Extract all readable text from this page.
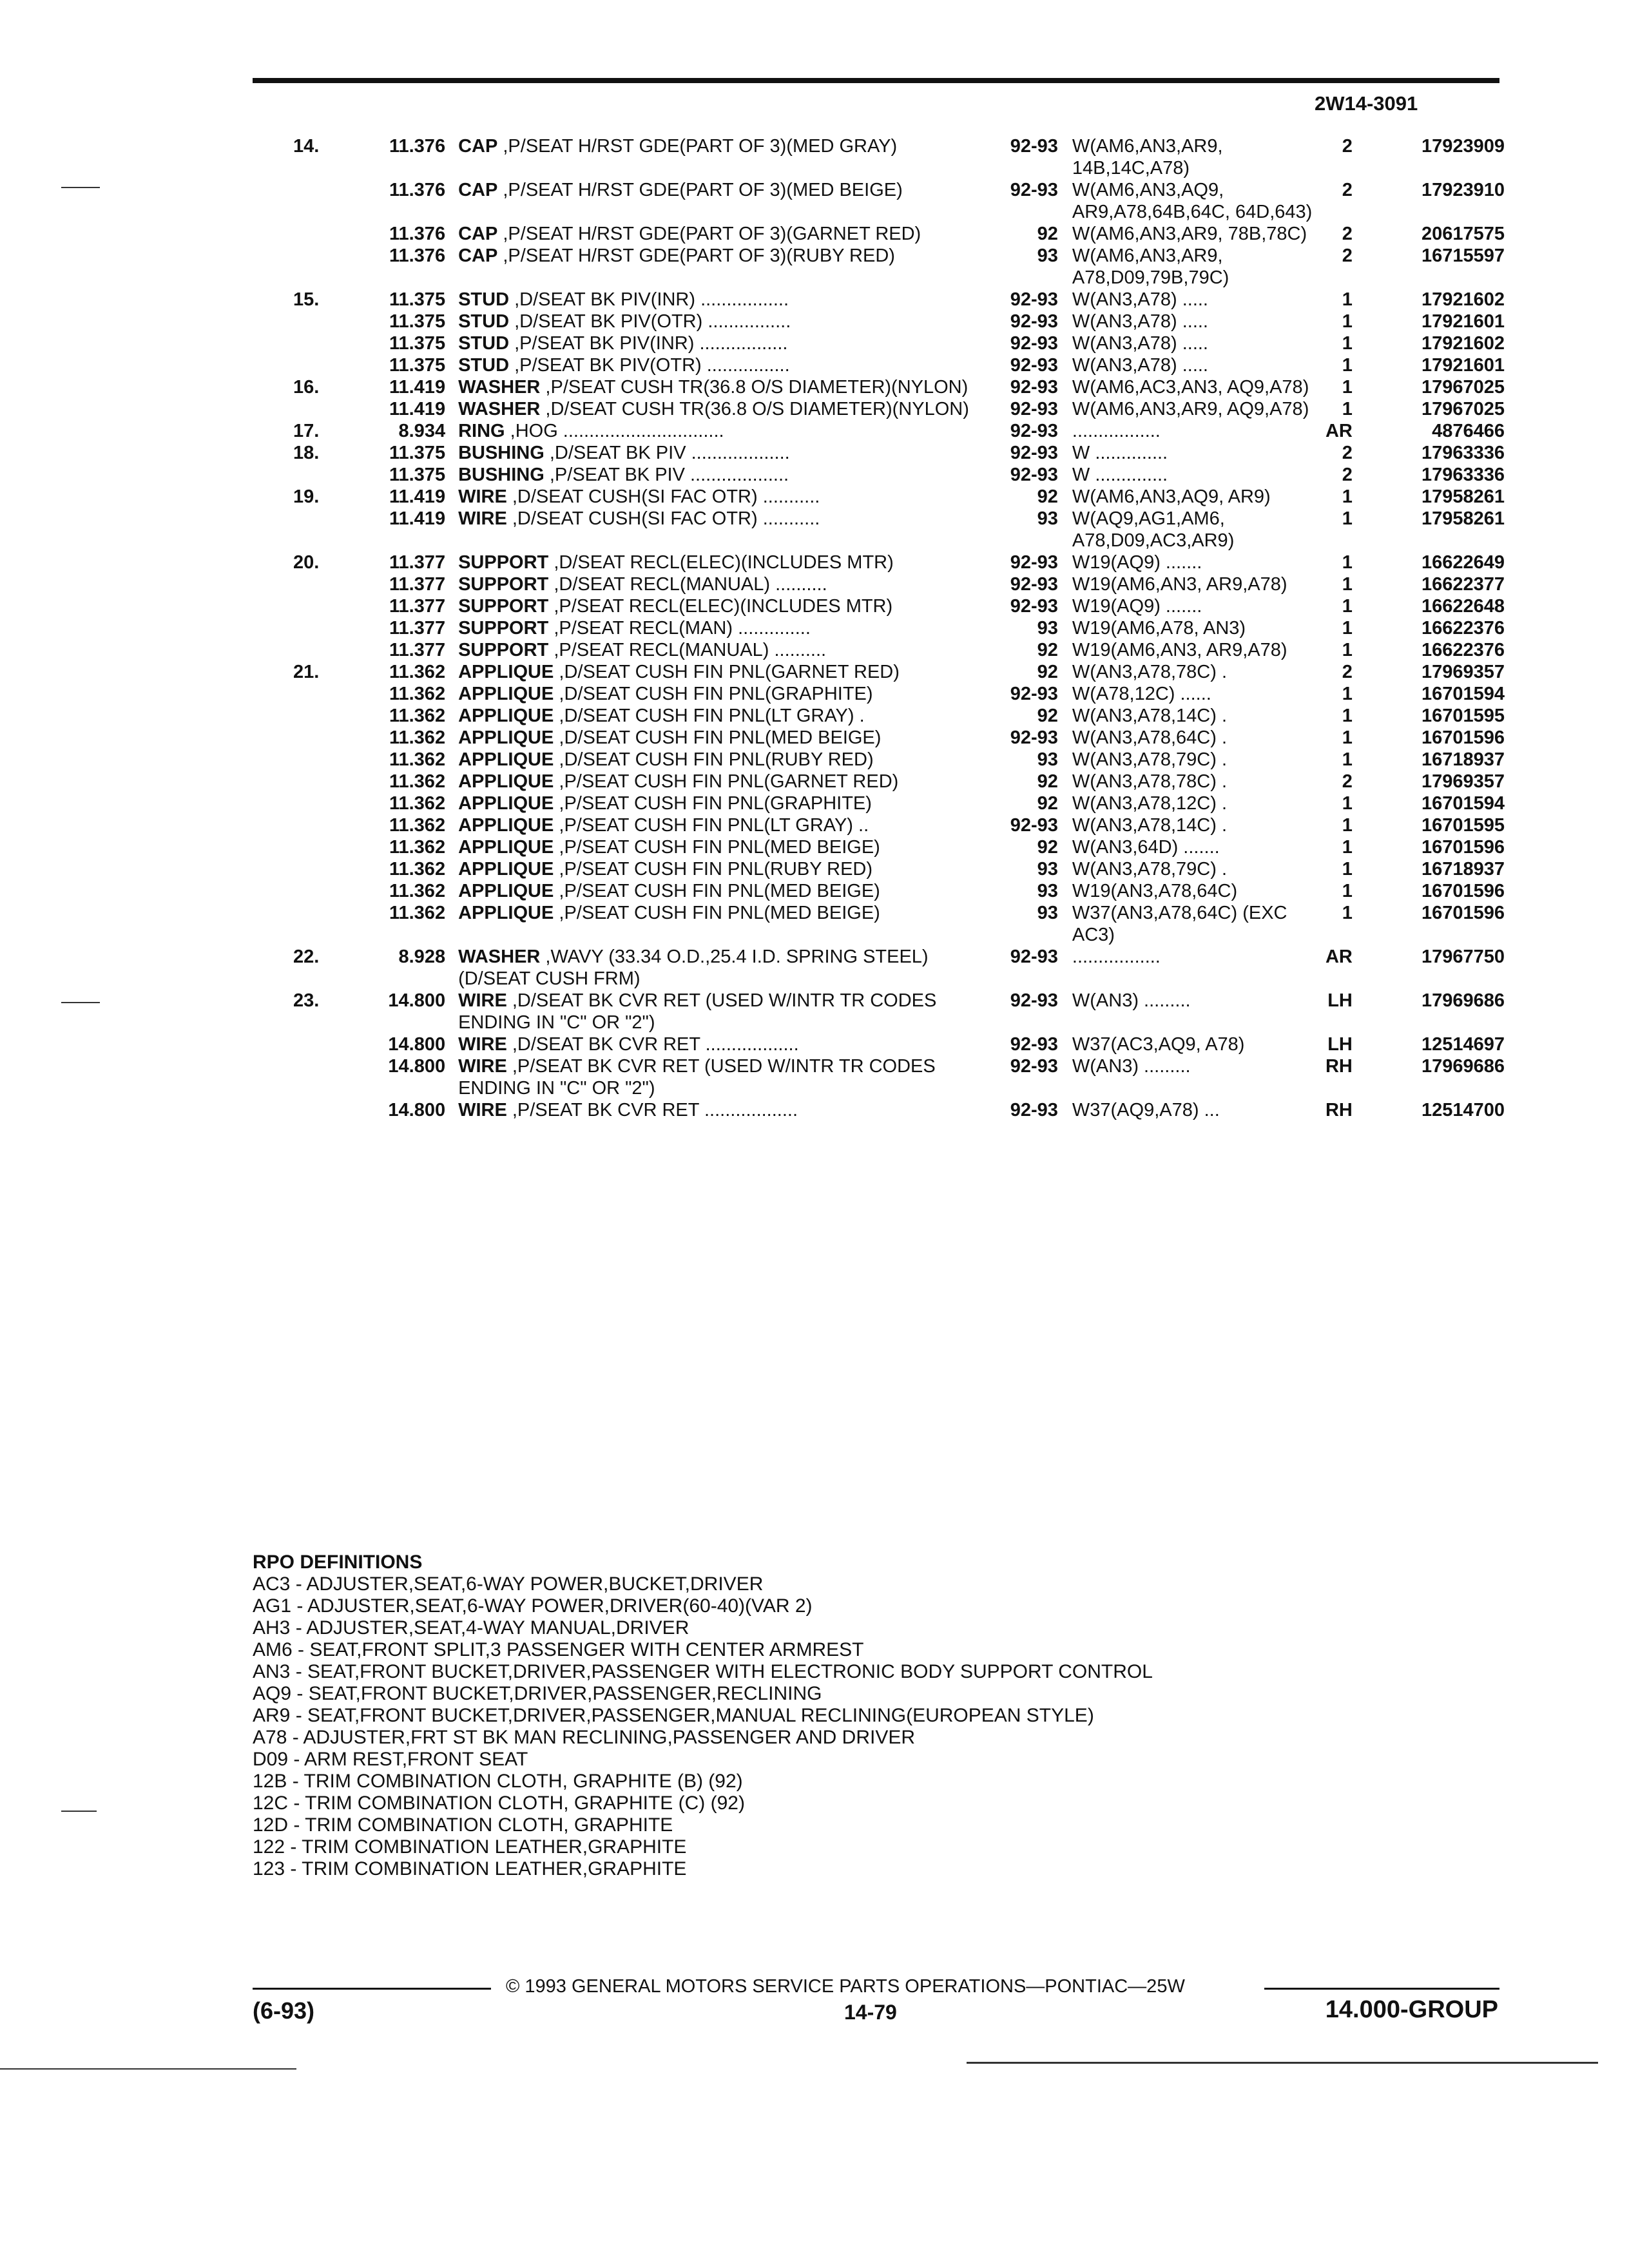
2W14-3091
14.	11.376	CAP ,P/SEAT H/RST GDE(PART OF 3)(MED GRAY)	92-93	W(AM6,AN3,AR9, 14B,14C,A78)	2	17923909
	11.376	CAP ,P/SEAT H/RST GDE(PART OF 3)(MED BEIGE)	92-93	W(AM6,AN3,AQ9, AR9,A78,64B,64C, 64D,643)	2	17923910
	11.376	CAP ,P/SEAT H/RST GDE(PART OF 3)(GARNET RED)	92	W(AM6,AN3,AR9, 78B,78C)	2	20617575
	11.376	CAP ,P/SEAT H/RST GDE(PART OF 3)(RUBY RED)	93	W(AM6,AN3,AR9, A78,D09,79B,79C)	2	16715597
15.	11.375	STUD ,D/SEAT BK PIV(INR) .................	92-93	W(AN3,A78) .....	1	17921602
	11.375	STUD ,D/SEAT BK PIV(OTR) ................	92-93	W(AN3,A78) .....	1	17921601
	11.375	STUD ,P/SEAT BK PIV(INR) .................	92-93	W(AN3,A78) .....	1	17921602
	11.375	STUD ,P/SEAT BK PIV(OTR) ................	92-93	W(AN3,A78) .....	1	17921601
16.	11.419	WASHER ,P/SEAT CUSH TR(36.8 O/S DIAMETER)(NYLON)	92-93	W(AM6,AC3,AN3, AQ9,A78)	1	17967025
	11.419	WASHER ,D/SEAT CUSH TR(36.8 O/S DIAMETER)(NYLON)	92-93	W(AM6,AN3,AR9, AQ9,A78)	1	17967025
17.	8.934	RING ,HOG ...............................	92-93	.................	AR	4876466
18.	11.375	BUSHING ,D/SEAT BK PIV ...................	92-93	W ..............	2	17963336
	11.375	BUSHING ,P/SEAT BK PIV ...................	92-93	W ..............	2	17963336
19.	11.419	WIRE ,D/SEAT CUSH(SI FAC OTR) ...........	92	W(AM6,AN3,AQ9, AR9)	1	17958261
	11.419	WIRE ,D/SEAT CUSH(SI FAC OTR) ...........	93	W(AQ9,AG1,AM6, A78,D09,AC3,AR9)	1	17958261
20.	11.377	SUPPORT ,D/SEAT RECL(ELEC)(INCLUDES MTR)	92-93	W19(AQ9) .......	1	16622649
	11.377	SUPPORT ,D/SEAT RECL(MANUAL) ..........	92-93	W19(AM6,AN3, AR9,A78)	1	16622377
	11.377	SUPPORT ,P/SEAT RECL(ELEC)(INCLUDES MTR)	92-93	W19(AQ9) .......	1	16622648
	11.377	SUPPORT ,P/SEAT RECL(MAN) ..............	93	W19(AM6,A78, AN3)	1	16622376
	11.377	SUPPORT ,P/SEAT RECL(MANUAL) ..........	92	W19(AM6,AN3, AR9,A78)	1	16622376
21.	11.362	APPLIQUE ,D/SEAT CUSH FIN PNL(GARNET RED)	92	W(AN3,A78,78C) .	2	17969357
	11.362	APPLIQUE ,D/SEAT CUSH FIN PNL(GRAPHITE)	92-93	W(A78,12C) ......	1	16701594
	11.362	APPLIQUE ,D/SEAT CUSH FIN PNL(LT GRAY) .	92	W(AN3,A78,14C) .	1	16701595
	11.362	APPLIQUE ,D/SEAT CUSH FIN PNL(MED BEIGE)	92-93	W(AN3,A78,64C) .	1	16701596
	11.362	APPLIQUE ,D/SEAT CUSH FIN PNL(RUBY RED)	93	W(AN3,A78,79C) .	1	16718937
	11.362	APPLIQUE ,P/SEAT CUSH FIN PNL(GARNET RED)	92	W(AN3,A78,78C) .	2	17969357
	11.362	APPLIQUE ,P/SEAT CUSH FIN PNL(GRAPHITE)	92	W(AN3,A78,12C) .	1	16701594
	11.362	APPLIQUE ,P/SEAT CUSH FIN PNL(LT GRAY) ..	92-93	W(AN3,A78,14C) .	1	16701595
	11.362	APPLIQUE ,P/SEAT CUSH FIN PNL(MED BEIGE)	92	W(AN3,64D) .......	1	16701596
	11.362	APPLIQUE ,P/SEAT CUSH FIN PNL(RUBY RED)	93	W(AN3,A78,79C) .	1	16718937
	11.362	APPLIQUE ,P/SEAT CUSH FIN PNL(MED BEIGE)	93	W19(AN3,A78,64C)	1	16701596
	11.362	APPLIQUE ,P/SEAT CUSH FIN PNL(MED BEIGE)	93	W37(AN3,A78,64C) (EXC AC3)	1	16701596
22.	8.928	WASHER ,WAVY (33.34 O.D.,25.4 I.D. SPRING STEEL)(D/SEAT CUSH FRM)	92-93	.................	AR	17967750
23.	14.800	WIRE ,D/SEAT BK CVR RET (USED W/INTR TR CODES ENDING IN "C" OR "2")	92-93	W(AN3) .........	LH	17969686
	14.800	WIRE ,D/SEAT BK CVR RET ..................	92-93	W37(AC3,AQ9, A78)	LH	12514697
	14.800	WIRE ,P/SEAT BK CVR RET (USED W/INTR TR CODES ENDING IN "C" OR "2")	92-93	W(AN3) .........	RH	17969686
	14.800	WIRE ,P/SEAT BK CVR RET ..................	92-93	W37(AQ9,A78) ...	RH	12514700
RPO DEFINITIONS
AC3 - ADJUSTER,SEAT,6-WAY POWER,BUCKET,DRIVER
AG1 - ADJUSTER,SEAT,6-WAY POWER,DRIVER(60-40)(VAR 2)
AH3 - ADJUSTER,SEAT,4-WAY MANUAL,DRIVER
AM6 - SEAT,FRONT SPLIT,3 PASSENGER WITH CENTER ARMREST
AN3 - SEAT,FRONT BUCKET,DRIVER,PASSENGER WITH ELECTRONIC BODY SUPPORT CONTROL
AQ9 - SEAT,FRONT BUCKET,DRIVER,PASSENGER,RECLINING
AR9 - SEAT,FRONT BUCKET,DRIVER,PASSENGER,MANUAL RECLINING(EUROPEAN STYLE)
A78 - ADJUSTER,FRT ST BK MAN RECLINING,PASSENGER AND DRIVER
D09 - ARM REST,FRONT SEAT
12B - TRIM COMBINATION CLOTH, GRAPHITE (B) (92)
12C - TRIM COMBINATION CLOTH, GRAPHITE (C) (92)
12D - TRIM COMBINATION CLOTH, GRAPHITE
122 - TRIM COMBINATION LEATHER,GRAPHITE
123 - TRIM COMBINATION LEATHER,GRAPHITE
© 1993 GENERAL MOTORS SERVICE PARTS OPERATIONS—PONTIAC—25W
(6-93)	14-79	14.000-GROUP
